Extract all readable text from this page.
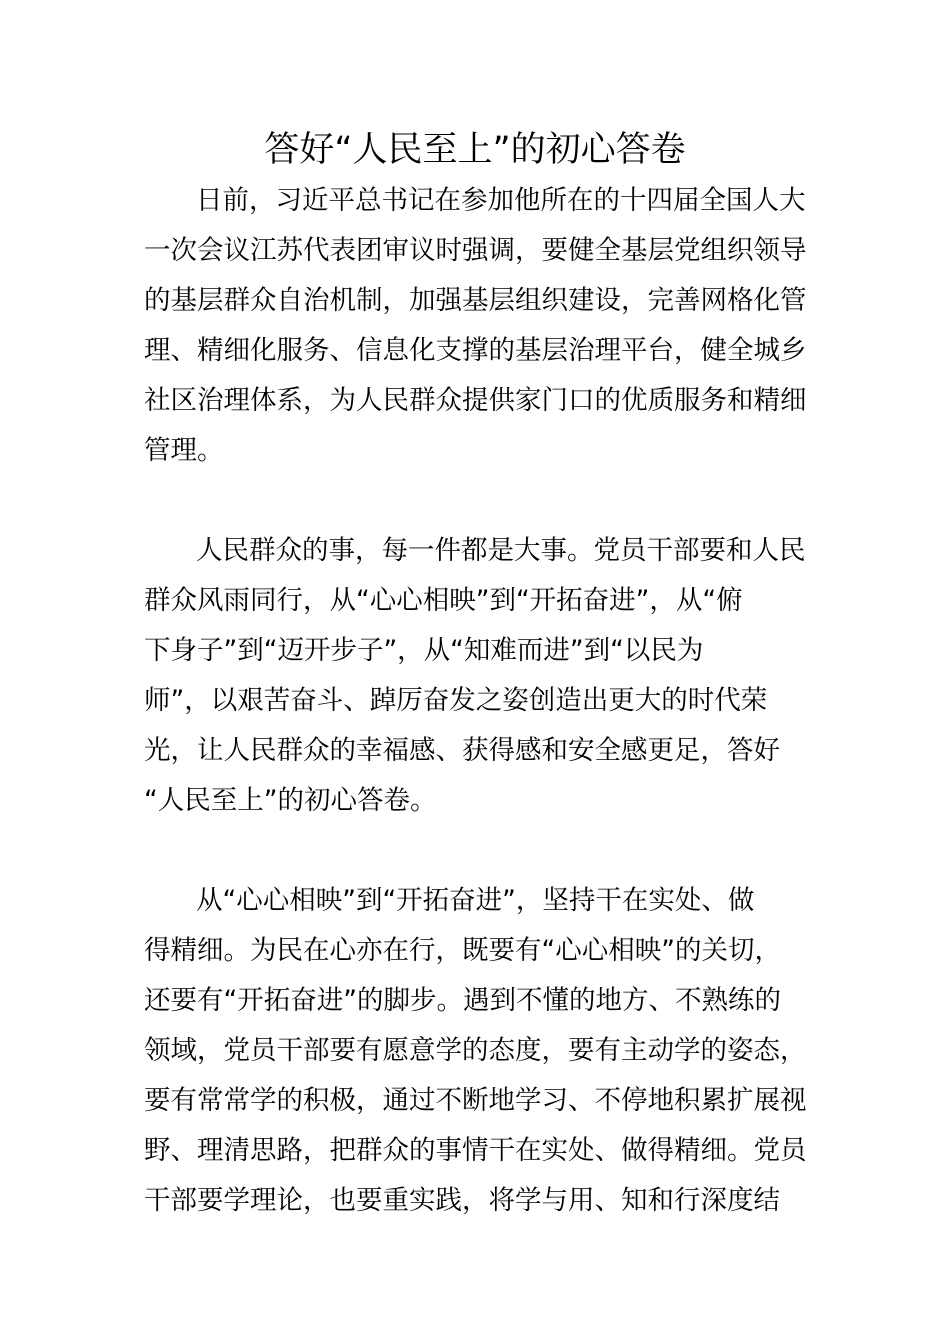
答好“人民至上”的初心答卷
日前，习近平总书记在参加他所在的十四届全国人大
一次会议江苏代表团审议时强调，要健全基层党组织领导
的基层群众自治机制，加强基层组织建设，完善网格化管
理、精细化服务、信息化支撑的基层治理平台，健全城乡
社区治理体系，为人民群众提供家门口的优质服务和精细
管理。
人民群众的事，每一件都是大事。党员干部要和人民
群众风雨同行，从“心心相映”到“开拓奋进”，从“俯
下身子”到“迈开步子”，从“知难而进”到“以民为
师”，以艰苦奋斗、踔厉奋发之姿创造出更大的时代荣
光，让人民群众的幸福感、获得感和安全感更足，答好
“人民至上”的初心答卷。
从“心心相映”到“开拓奋进”，坚持干在实处、做
得精细。为民在心亦在行，既要有“心心相映”的关切，
还要有“开拓奋进”的脚步。遇到不懂的地方、不熟练的
领域，党员干部要有愿意学的态度，要有主动学的姿态，
要有常常学的积极，通过不断地学习、不停地积累扩展视
野、理清思路，把群众的事情干在实处、做得精细。党员
干部要学理论，也要重实践，将学与用、知和行深度结
